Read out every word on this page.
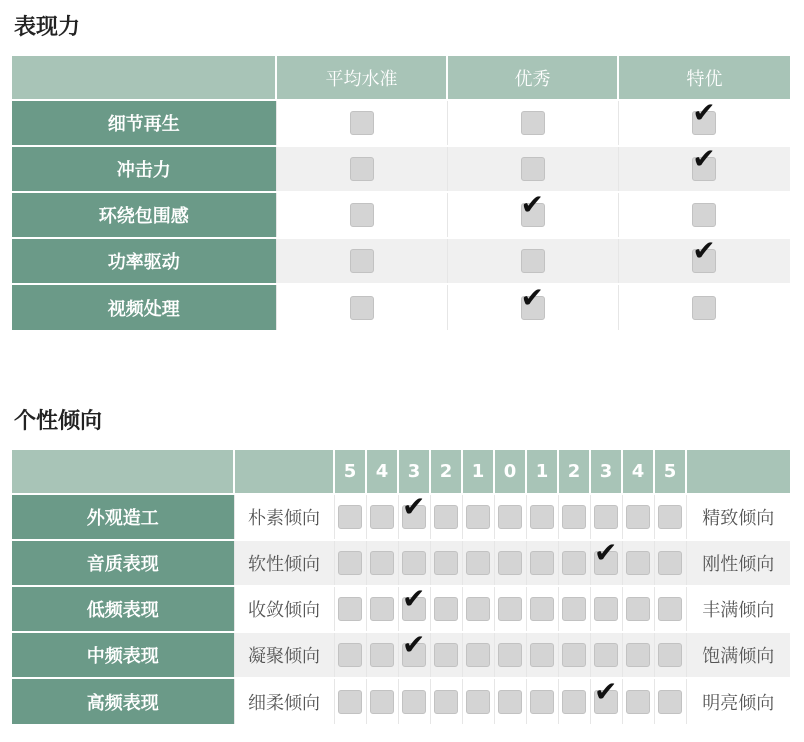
表现力
	平均水准	优秀	特优
细节再生			✔
冲击力			✔
环绕包围感		✔	
功率驱动			✔
视频处理		✔	
个性倾向
		5	4	3	2	1	0	1	2	3	4	5	
外观造工	朴素倾向			✔									精致倾向
音质表现	软性倾向									✔			刚性倾向
低频表现	收敛倾向			✔									丰满倾向
中频表现	凝聚倾向			✔									饱满倾向
高频表现	细柔倾向									✔			明亮倾向
